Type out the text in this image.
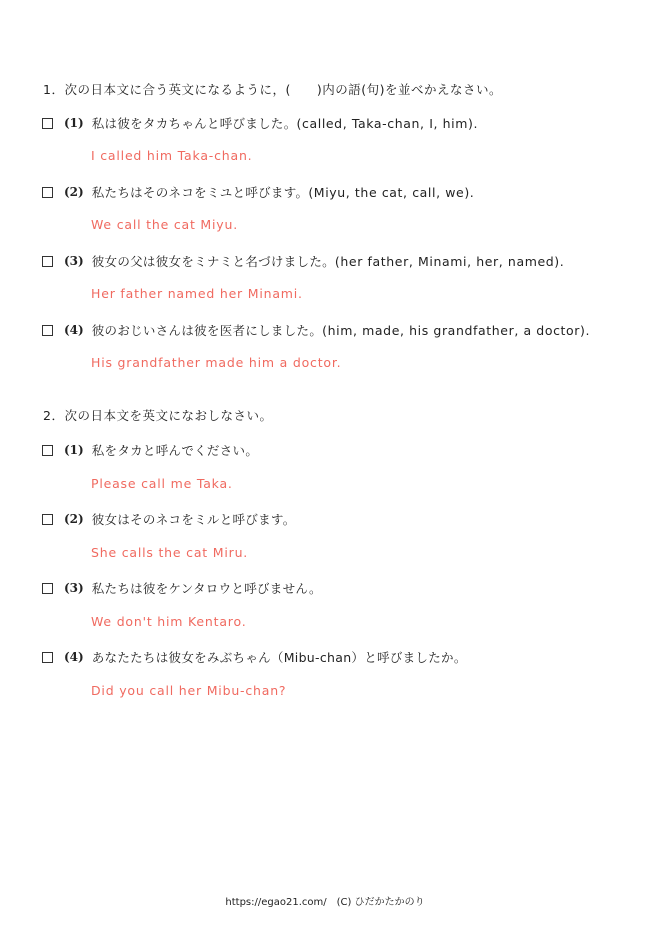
1．次の日本文に合う英文になるように，(　　)内の語(句)を並べかえなさい。
(1) 私は彼をタカちゃんと呼びました。 (called, Taka-chan, I, him).
I called him Taka-chan.
(2) 私たちはそのネコをミユと呼びます。 (Miyu, the cat, call, we).
We call the cat Miyu.
(3) 彼女の父は彼女をミナミと名づけました。 (her father, Minami, her, named).
Her father named her Minami.
(4) 彼のおじいさんは彼を医者にしました。 (him, made, his grandfather, a doctor).
His grandfather made him a doctor.
2．次の日本文を英文になおしなさい。
(1) 私をタカと呼んでください。
Please call me Taka.
(2) 彼女はそのネコをミルと呼びます。
She calls the cat Miru.
(3) 私たちは彼をケンタロウと呼びません。
We don't him Kentaro.
(4) あなたたちは彼女をみぶちゃん（Mibu-chan）と呼びましたか。
Did you call her Mibu-chan?
https://egao21.com/　(C) ひだかたかのり
